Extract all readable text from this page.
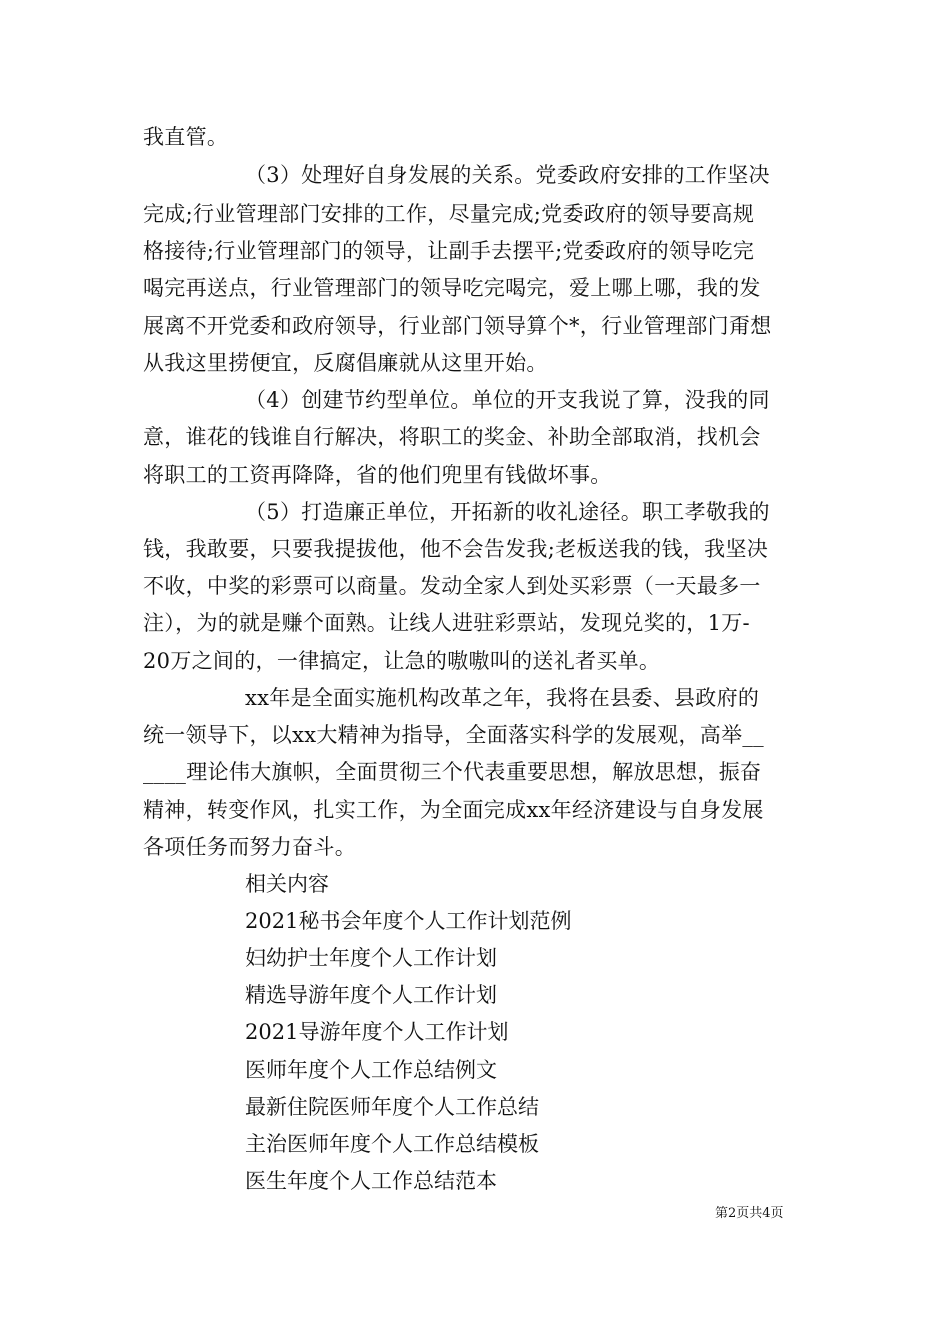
我直管。
（3）处理好自身发展的关系。党委政府安排的工作坚决
完成;行业管理部门安排的工作，尽量完成;党委政府的领导要高规
格接待;行业管理部门的领导，让副手去摆平;党委政府的领导吃完
喝完再送点，行业管理部门的领导吃完喝完，爱上哪上哪，我的发
展离不开党委和政府领导，行业部门领导算个*，行业管理部门甭想
从我这里捞便宜，反腐倡廉就从这里开始。
（4）创建节约型单位。单位的开支我说了算，没我的同
意，谁花的钱谁自行解决，将职工的奖金、补助全部取消，找机会
将职工的工资再降降，省的他们兜里有钱做坏事。
（5）打造廉正单位，开拓新的收礼途径。职工孝敬我的
钱，我敢要，只要我提拔他，他不会告发我;老板送我的钱，我坚决
不收，中奖的彩票可以商量。发动全家人到处买彩票（一天最多一
注），为的就是赚个面熟。让线人进驻彩票站，发现兑奖的，1万-
20万之间的，一律搞定，让急的嗷嗷叫的送礼者买单。
xx年是全面实施机构改革之年，我将在县委、县政府的
统一领导下，以xx大精神为指导，全面落实科学的发展观，高举__
____理论伟大旗帜，全面贯彻三个代表重要思想，解放思想，振奋
精神，转变作风，扎实工作，为全面完成xx年经济建设与自身发展
各项任务而努力奋斗。
相关内容
2021秘书会年度个人工作计划范例
妇幼护士年度个人工作计划
精选导游年度个人工作计划
2021导游年度个人工作计划
医师年度个人工作总结例文
最新住院医师年度个人工作总结
主治医师年度个人工作总结模板
医生年度个人工作总结范本
第2页共4页
